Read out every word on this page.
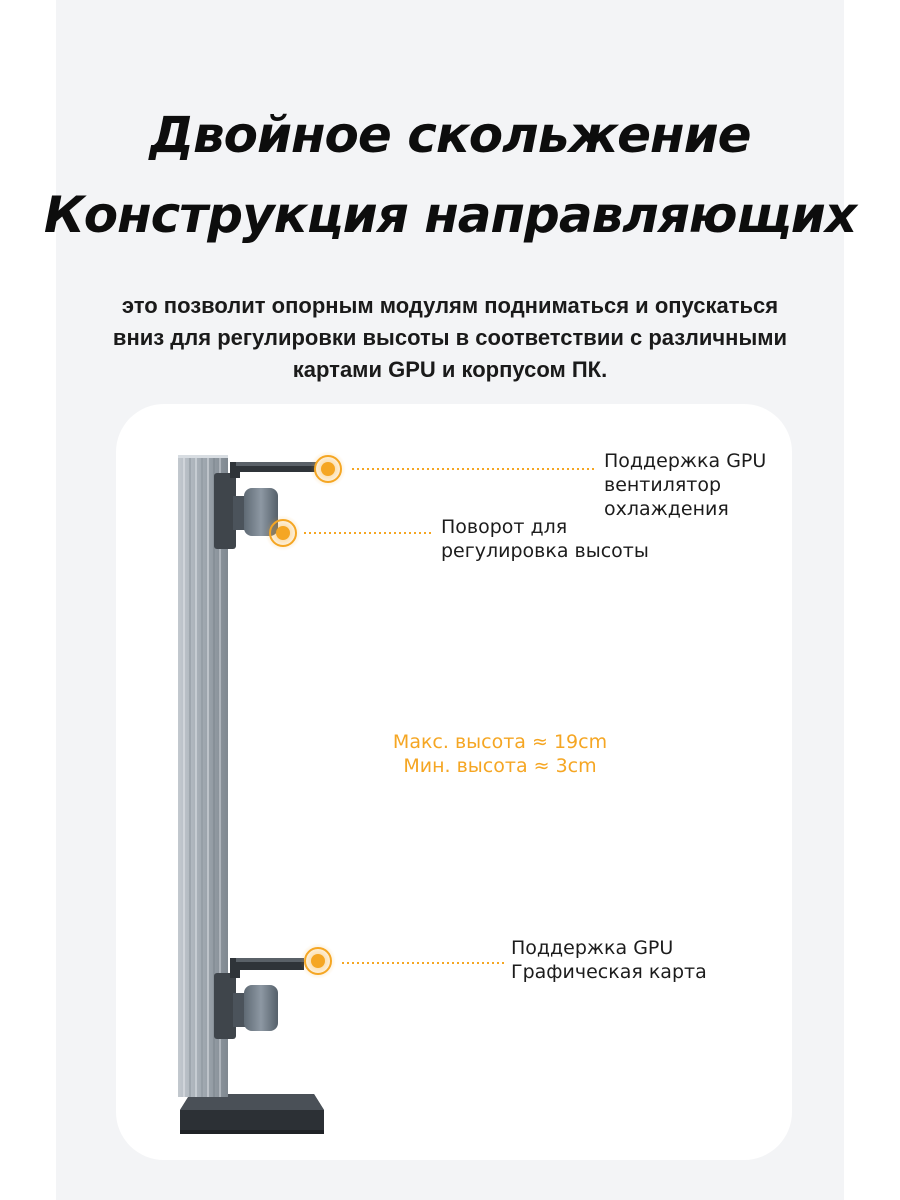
Двойное скольжение
Конструкция направляющих
это позволит опорным модулям подниматься и опускаться
вниз для регулировки высоты в соответствии с различными
картами GPU и корпусом ПК.
Поддержка GPU
вентилятор
охлаждения
Поворот для
регулировка высоты
Поддержка GPU
Графическая карта
Макс. высота ≈ 19cm
Мин. высота ≈ 3cm
